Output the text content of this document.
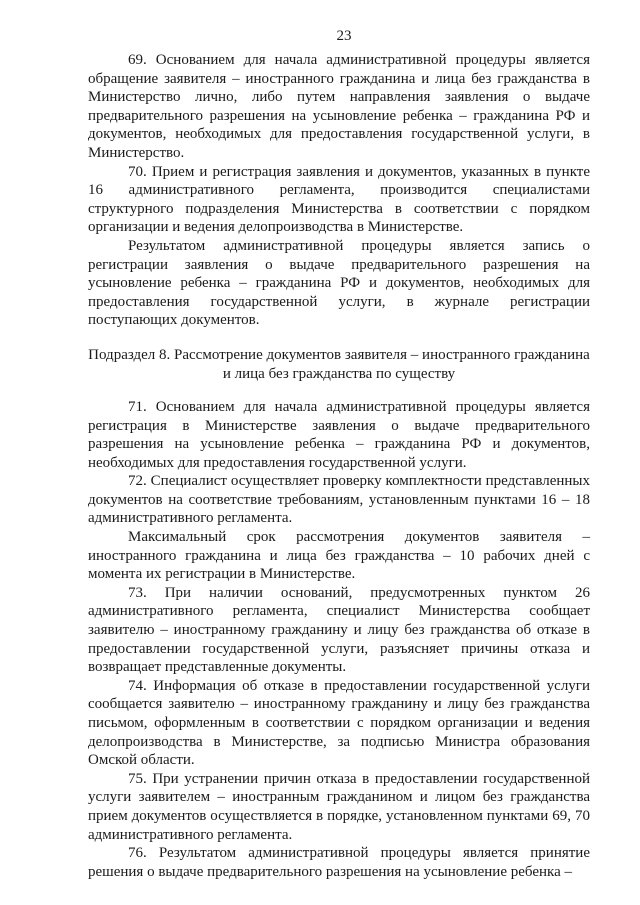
23

69. Основанием для начала административной процедуры является обращение заявителя – иностранного гражданина и лица без гражданства в Министерство лично, либо путем направления заявления о выдаче предварительного разрешения на усыновление ребенка – гражданина РФ и документов, необходимых для предоставления государственной услуги, в Министерство.

70. Прием и регистрация заявления и документов, указанных в пункте 16 административного регламента, производится специалистами структурного подразделения Министерства в соответствии с порядком организации и ведения делопроизводства в Министерстве.

Результатом административной процедуры является запись о регистрации заявления о выдаче предварительного разрешения на усыновление ребенка – гражданина РФ и документов, необходимых для предоставления государственной услуги, в журнале регистрации поступающих документов.

Подраздел 8. Рассмотрение документов заявителя – иностранного гражданина и лица без гражданства по существу

71. Основанием для начала административной процедуры является регистрация в Министерстве заявления о выдаче предварительного разрешения на усыновление ребенка – гражданина РФ и документов, необходимых для предоставления государственной услуги.

72. Специалист осуществляет проверку комплектности представленных документов на соответствие требованиям, установленным пунктами 16 – 18 административного регламента.

Максимальный срок рассмотрения документов заявителя – иностранного гражданина и лица без гражданства – 10 рабочих дней с момента их регистрации в Министерстве.

73. При наличии оснований, предусмотренных пунктом 26 административного регламента, специалист Министерства сообщает заявителю – иностранному гражданину и лицу без гражданства об отказе в предоставлении государственной услуги, разъясняет причины отказа и возвращает представленные документы.

74. Информация об отказе в предоставлении государственной услуги сообщается заявителю – иностранному гражданину и лицу без гражданства письмом, оформленным в соответствии с порядком организации и ведения делопроизводства в Министерстве, за подписью Министра образования Омской области.

75. При устранении причин отказа в предоставлении государственной услуги заявителем – иностранным гражданином и лицом без гражданства прием документов осуществляется в порядке, установленном пунктами 69, 70 административного регламента.

76. Результатом административной процедуры является принятие решения о выдаче предварительного разрешения на усыновление ребенка –
